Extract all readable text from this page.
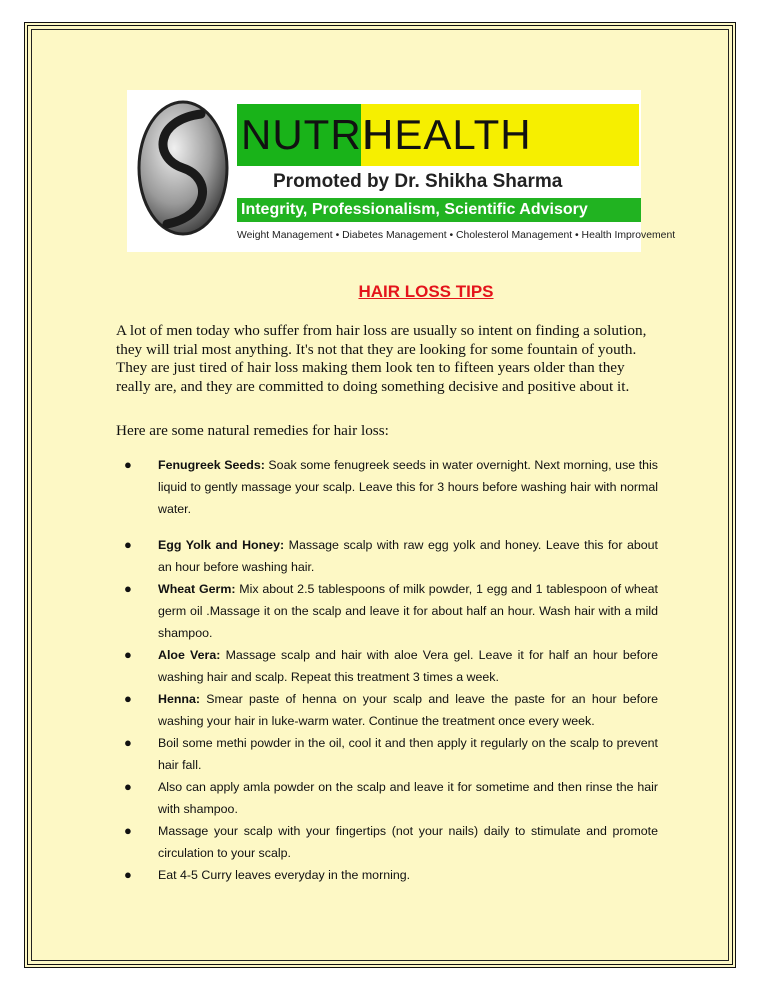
NUTRI
HEALTH
Promoted by Dr. Shikha Sharma
Integrity, Professionalism, Scientific Advisory
Weight Management • Diabetes Management • Cholesterol Management • Health Improvement
HAIR LOSS TIPS
A lot of men today who suffer from hair loss are usually so intent on finding a solution, they will trial most anything. It's not that they are looking for some fountain of youth. They are just tired of hair loss making them look ten to fifteen years older than they really are, and they are committed to doing something decisive and positive about it.
Here are some natural remedies for hair loss:
● Fenugreek Seeds: Soak some fenugreek seeds in water overnight. Next morning, use this liquid to gently massage your scalp. Leave this for 3 hours before washing hair with normal water.
● Egg Yolk and Honey: Massage scalp with raw egg yolk and honey. Leave this for about an hour before washing hair.
● Wheat Germ: Mix about 2.5 tablespoons of milk powder, 1 egg and 1 tablespoon of wheat germ oil .Massage it on the scalp and leave it for about half an hour. Wash hair with a mild shampoo.
● Aloe Vera: Massage scalp and hair with aloe Vera gel. Leave it for half an hour before washing hair and scalp. Repeat this treatment 3 times a week.
● Henna: Smear paste of henna on your scalp and leave the paste for an hour before washing your hair in luke-warm water. Continue the treatment once every week.
● Boil some methi powder in the oil, cool it and then apply it regularly on the scalp to prevent hair fall.
● Also can apply amla powder on the scalp and leave it for sometime and then rinse the hair with shampoo.
● Massage your scalp with your fingertips (not your nails) daily to stimulate and promote circulation to your scalp.
● Eat 4-5 Curry leaves everyday in the morning.
